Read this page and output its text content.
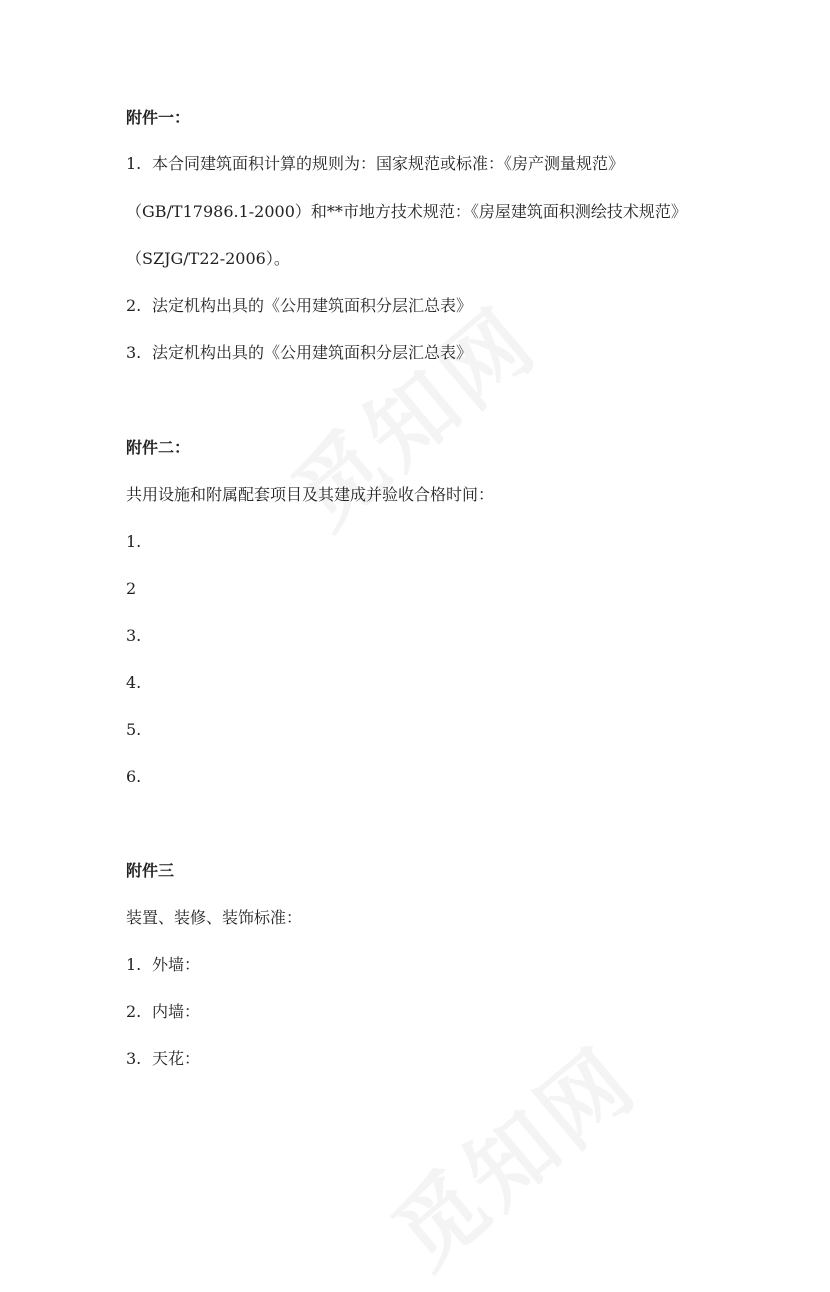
附件一：
1. 本合同建筑面积计算的规则为：国家规范或标准：《房产测量规范》
（GB/T17986.1-2000）和**市地方技术规范：《房屋建筑面积测绘技术规范》
（SZJG/T22-2006）。
2. 法定机构出具的《公用建筑面积分层汇总表》
3. 法定机构出具的《公用建筑面积分层汇总表》
附件二：
共用设施和附属配套项目及其建成并验收合格时间：
1.
2
3.
4.
5.
6.
附件三
装置、装修、装饰标准：
1. 外墙：
2. 内墙：
3. 天花：
